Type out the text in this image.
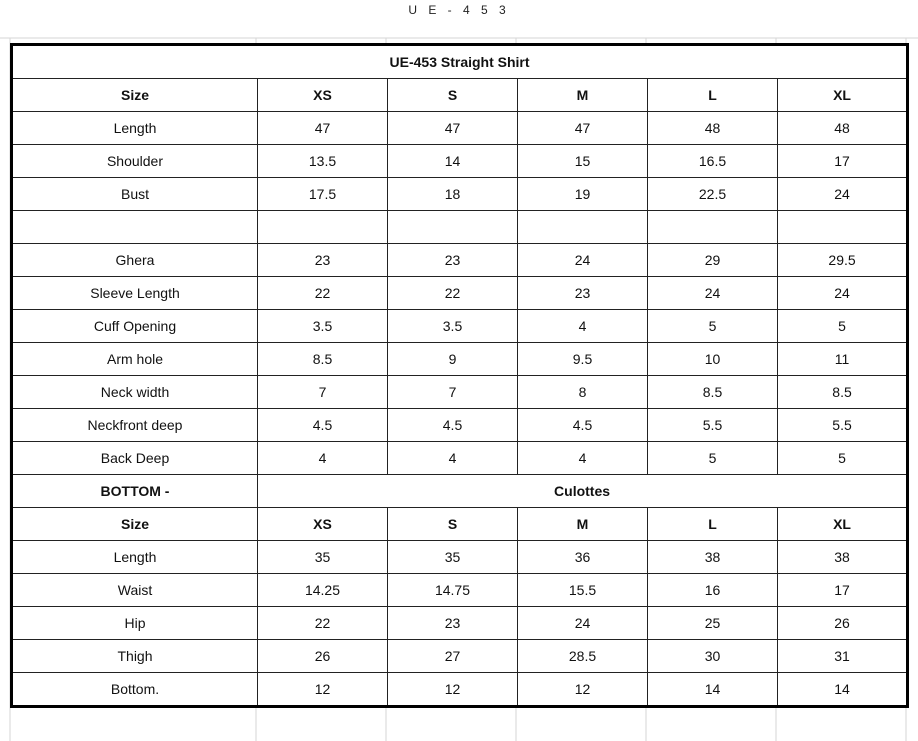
U E - 4 5 3
UE-453 Straight Shirt					
Size	XS	S	M	L	XL
Length	47	47	47	48	48
Shoulder	13.5	14	15	16.5	17
Bust	17.5	18	19	22.5	24

Ghera	23	23	24	29	29.5
Sleeve Length	22	22	23	24	24
Cuff Opening	3.5	3.5	4	5	5
Arm hole	8.5	9	9.5	10	11
Neck width	7	7	8	8.5	8.5
Neckfront deep	4.5	4.5	4.5	5.5	5.5
Back Deep	4	4	4	5	5
BOTTOM -	Culottes				
Size	XS	S	M	L	XL
Length	35	35	36	38	38
Waist	14.25	14.75	15.5	16	17
Hip	22	23	24	25	26
Thigh	26	27	28.5	30	31
Bottom.	12	12	12	14	14
